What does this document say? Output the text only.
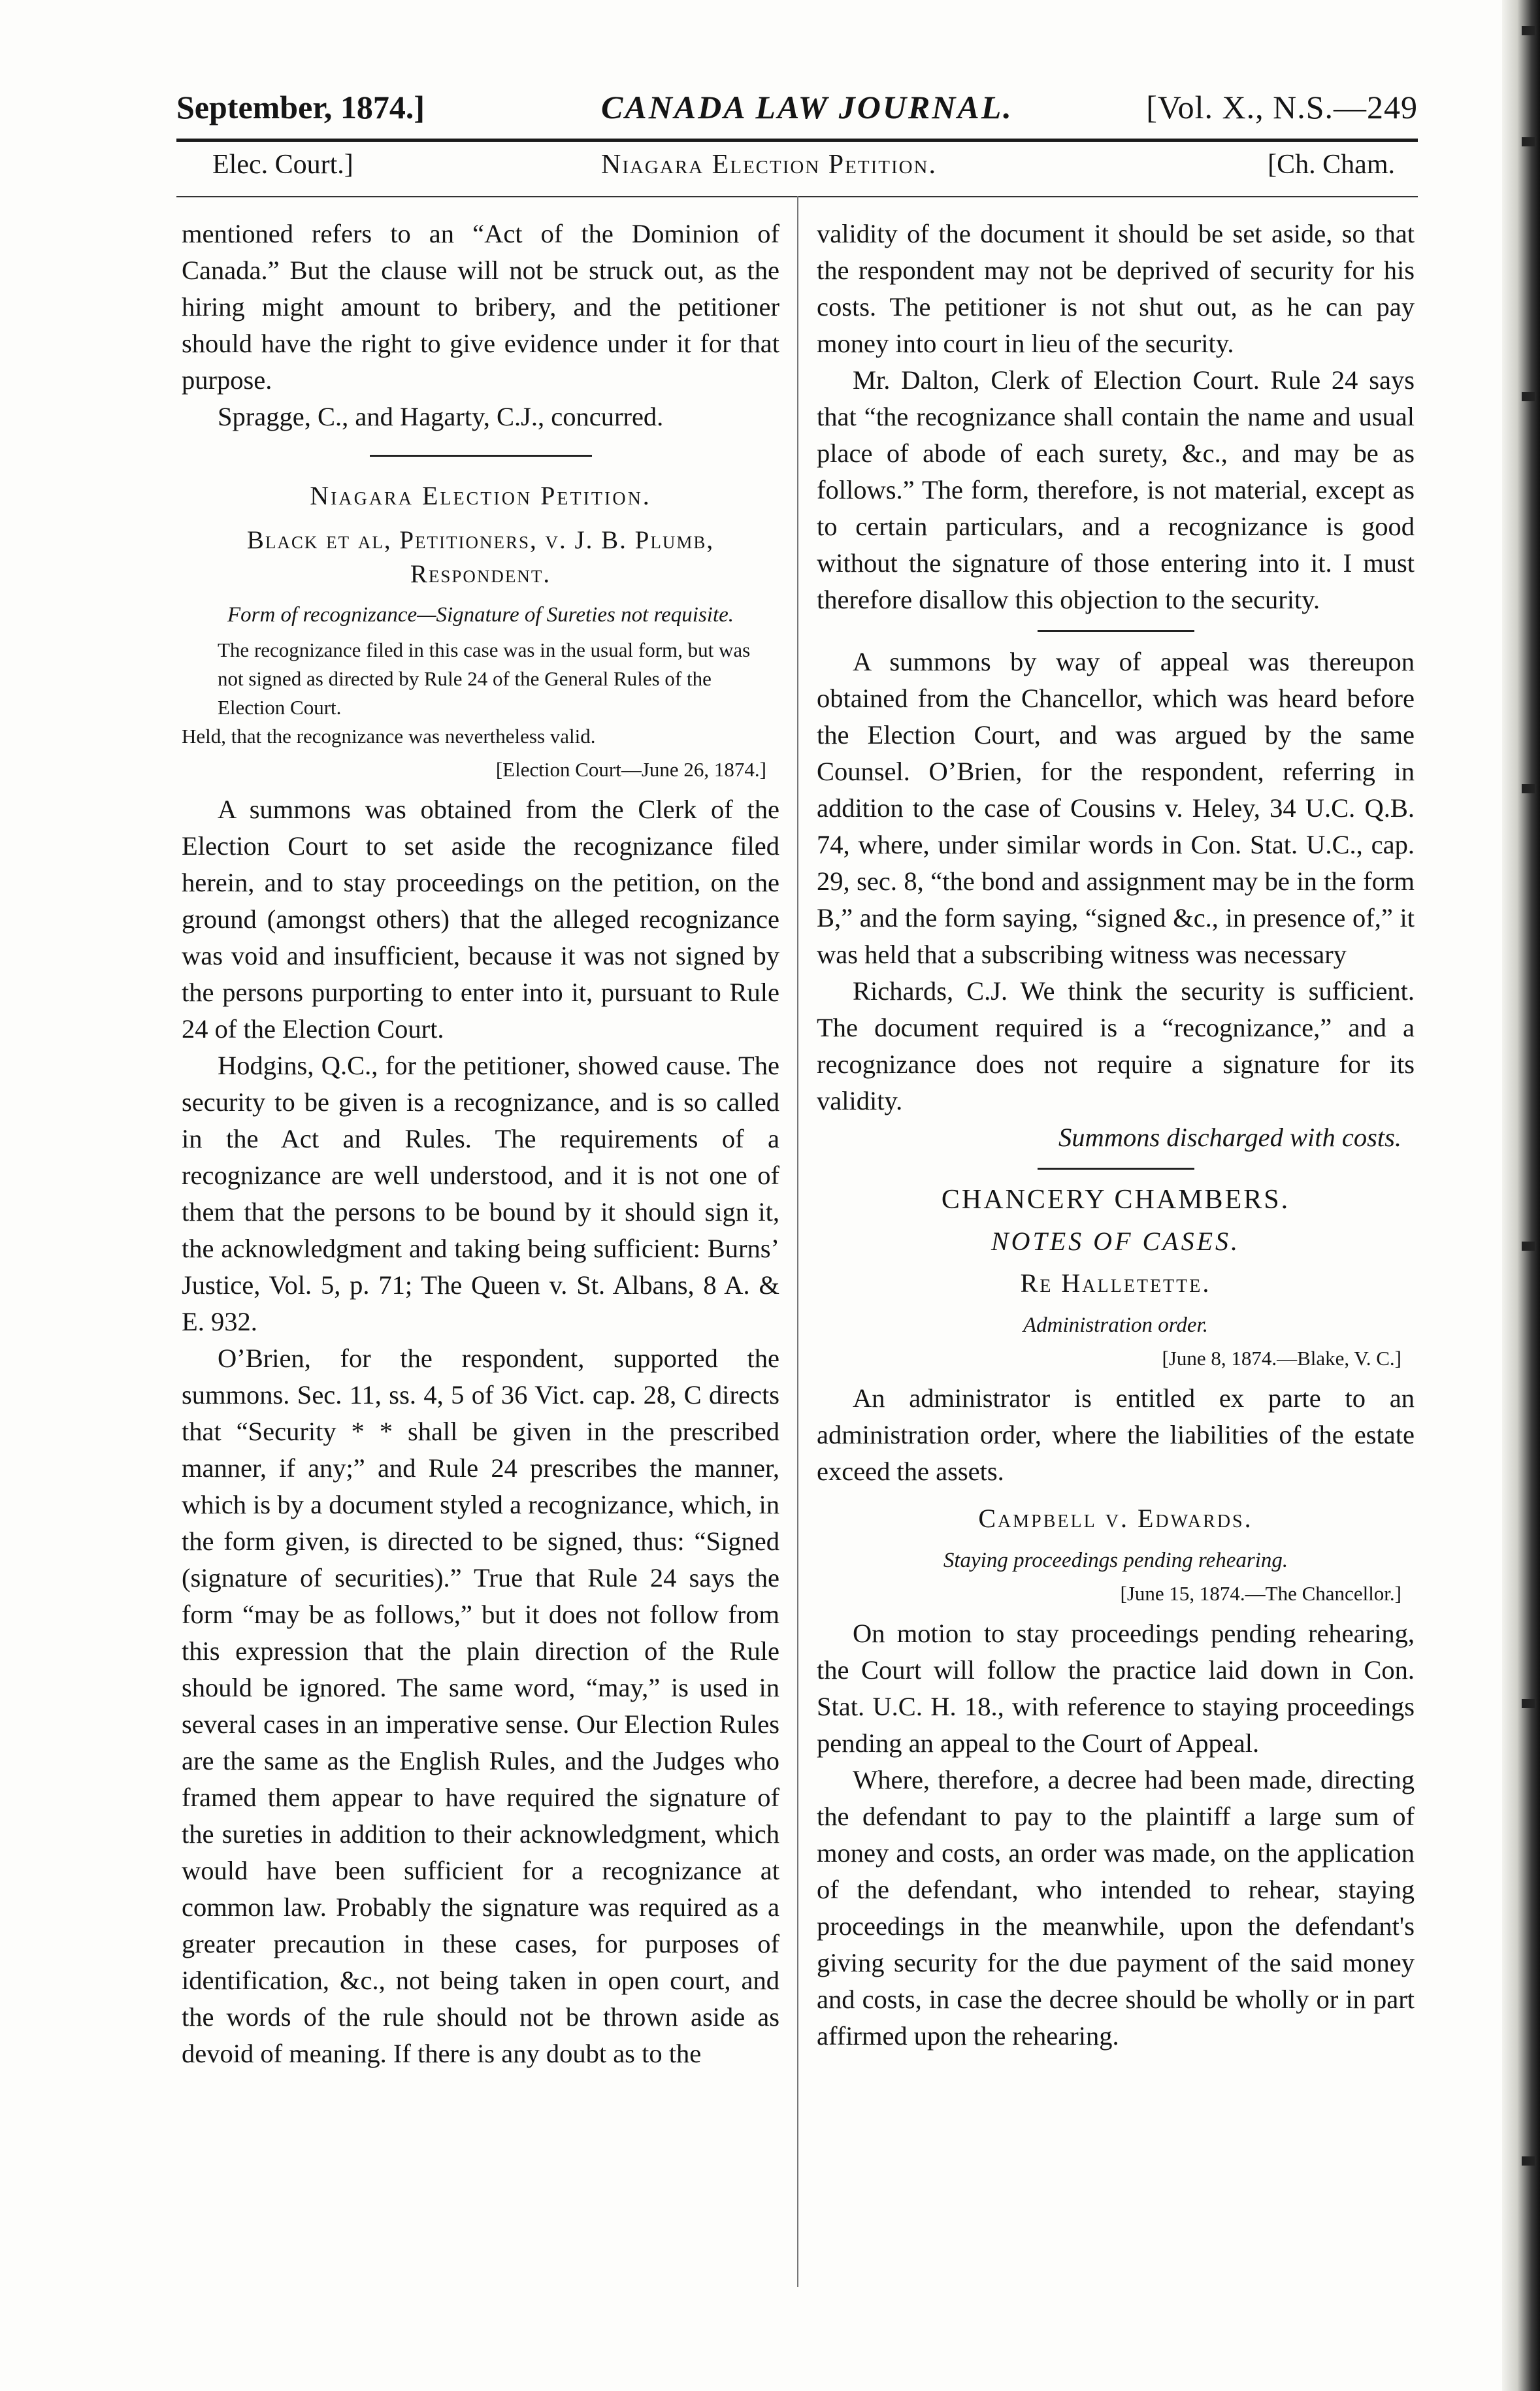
September, 1874.]	CANADA LAW JOURNAL.	[Vol. X., N.S.—249
Elec. Court.]	Niagara Election Petition.	[Ch. Cham.

mentioned refers to an “Act of the Dominion of Canada.” But the clause will not be struck out, as the hiring might amount to bribery, and the petitioner should have the right to give evidence under it for that purpose.

Spragge, C., and Hagarty, C.J., concurred.

Niagara Election Petition.
Black et al, Petitioners, v. J. B. Plumb, Respondent.
Form of recognizance—Signature of Sureties not requisite.
The recognizance filed in this case was in the usual form, but was not signed as directed by Rule 24 of the General Rules of the Election Court.
Held, that the recognizance was nevertheless valid.
[Election Court—June 26, 1874.]

A summons was obtained from the Clerk of the Election Court to set aside the recognizance filed herein, and to stay proceedings on the petition, on the ground (amongst others) that the alleged recognizance was void and insufficient, because it was not signed by the persons purporting to enter into it, pursuant to Rule 24 of the Election Court.

Hodgins, Q.C., for the petitioner, showed cause. The security to be given is a recognizance, and is so called in the Act and Rules. The requirements of a recognizance are well understood, and it is not one of them that the persons to be bound by it should sign it, the acknowledgment and taking being sufficient: Burns’ Justice, Vol. 5, p. 71; The Queen v. St. Albans, 8 A. & E. 932.

O’Brien, for the respondent, supported the summons. Sec. 11, ss. 4, 5 of 36 Vict. cap. 28, C directs that “Security * * shall be given in the prescribed manner, if any;” and Rule 24 prescribes the manner, which is by a document styled a recognizance, which, in the form given, is directed to be signed, thus: “Signed (signature of securities).” True that Rule 24 says the form “may be as follows,” but it does not follow from this expression that the plain direction of the Rule should be ignored. The same word, “may,” is used in several cases in an imperative sense. Our Election Rules are the same as the English Rules, and the Judges who framed them appear to have required the signature of the sureties in addition to their acknowledgment, which would have been sufficient for a recognizance at common law. Probably the signature was required as a greater precaution in these cases, for purposes of identification, &c., not being taken in open court, and the words of the rule should not be thrown aside as devoid of meaning. If there is any doubt as to the

validity of the document it should be set aside, so that the respondent may not be deprived of security for his costs. The petitioner is not shut out, as he can pay money into court in lieu of the security.

Mr. Dalton, Clerk of Election Court. Rule 24 says that “the recognizance shall contain the name and usual place of abode of each surety, &c., and may be as follows.” The form, therefore, is not material, except as to certain particulars, and a recognizance is good without the signature of those entering into it. I must therefore disallow this objection to the security.

A summons by way of appeal was thereupon obtained from the Chancellor, which was heard before the Election Court, and was argued by the same Counsel. O’Brien, for the respondent, referring in addition to the case of Cousins v. Heley, 34 U.C. Q.B. 74, where, under similar words in Con. Stat. U.C., cap. 29, sec. 8, “the bond and assignment may be in the form B,” and the form saying, “signed &c., in presence of,” it was held that a subscribing witness was necessary

Richards, C.J. We think the security is sufficient. The document required is a “recognizance,” and a recognizance does not require a signature for its validity.

Summons discharged with costs.
CHANCERY CHAMBERS.
NOTES OF CASES.
Re Halletette.
Administration order.
[June 8, 1874.—Blake, V. C.]

An administrator is entitled ex parte to an administration order, where the liabilities of the estate exceed the assets.

Campbell v. Edwards.
Staying proceedings pending rehearing.
[June 15, 1874.—The Chancellor.]

On motion to stay proceedings pending rehearing, the Court will follow the practice laid down in Con. Stat. U.C. H. 18., with reference to staying proceedings pending an appeal to the Court of Appeal.

Where, therefore, a decree had been made, directing the defendant to pay to the plaintiff a large sum of money and costs, an order was made, on the application of the defendant, who intended to rehear, staying proceedings in the meanwhile, upon the defendant's giving security for the due payment of the said money and costs, in case the decree should be wholly or in part affirmed upon the rehearing.
